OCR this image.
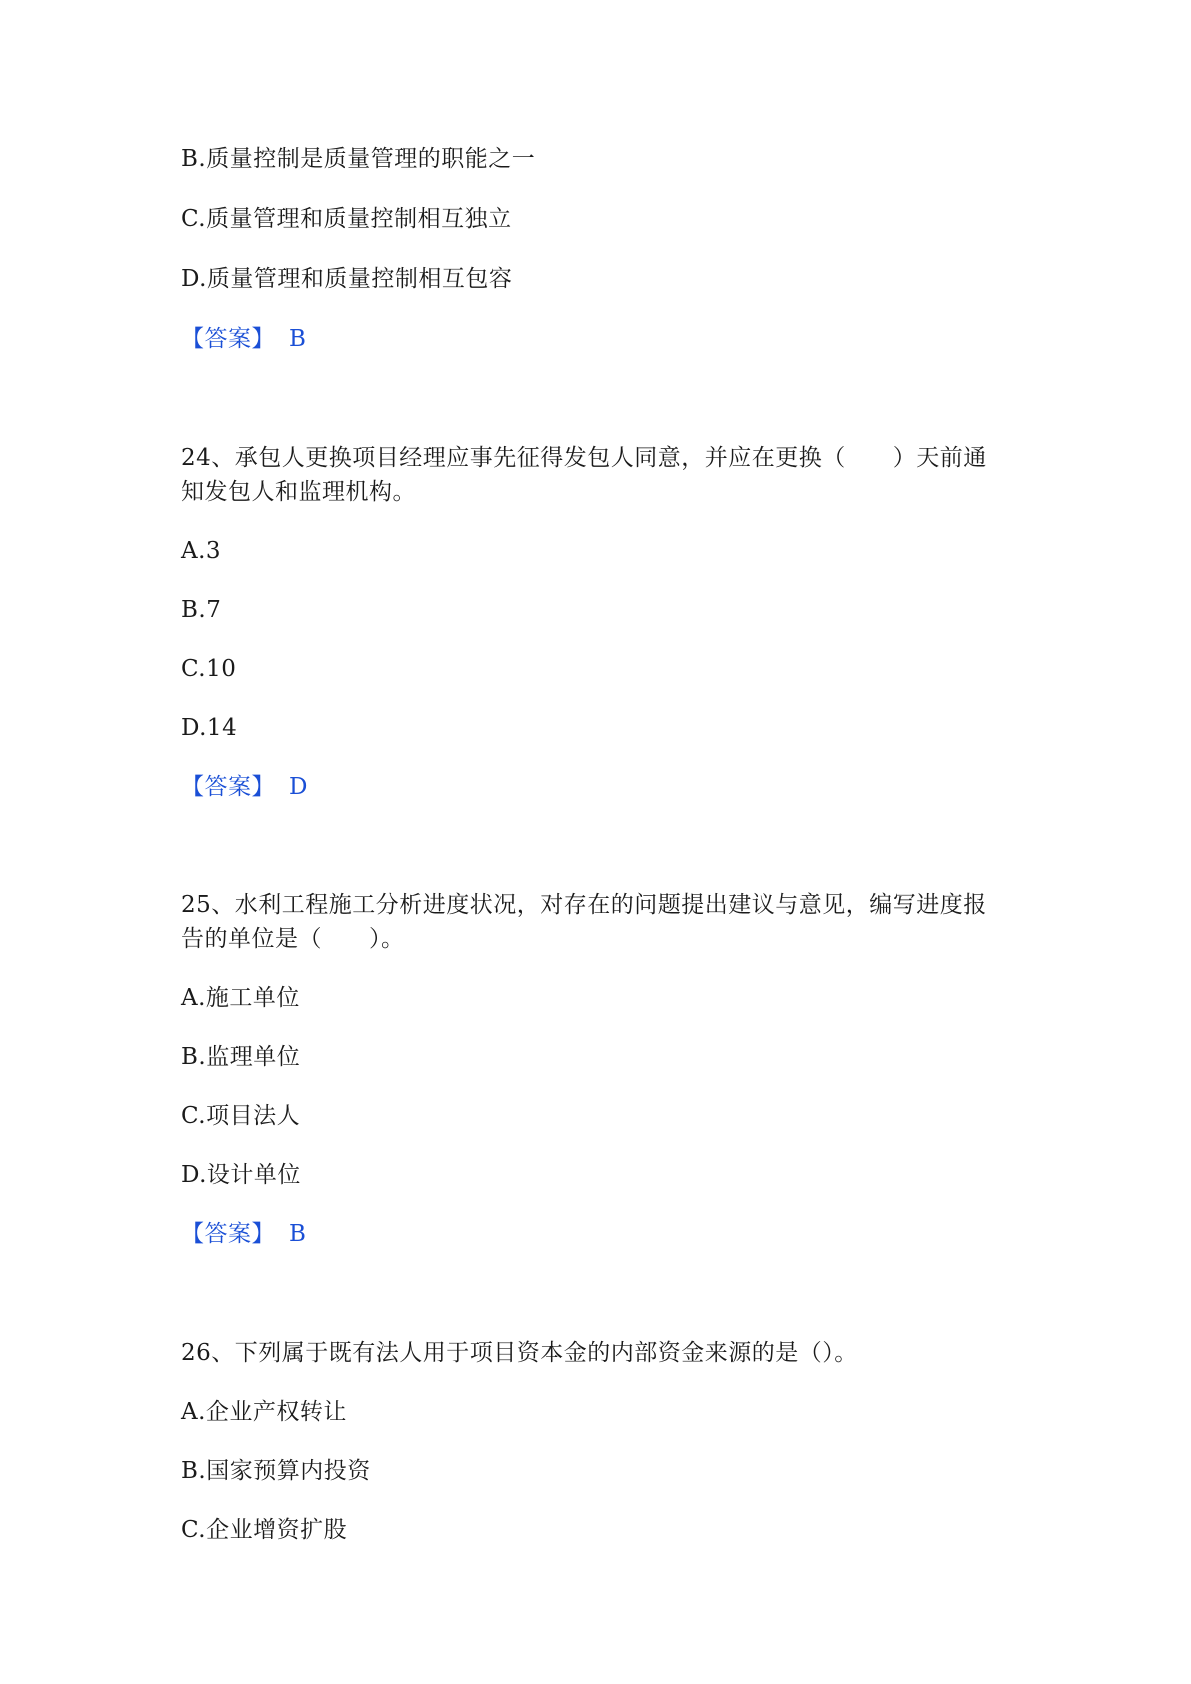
B.质量控制是质量管理的职能之一
C.质量管理和质量控制相互独立
D.质量管理和质量控制相互包容
【答案】 B
24、承包人更换项目经理应事先征得发包人同意，并应在更换（　　）天前通
知发包人和监理机构。
A.3
B.7
C.10
D.14
【答案】 D
25、水利工程施工分析进度状况，对存在的问题提出建议与意见，编写进度报
告的单位是（　　）。
A.施工单位
B.监理单位
C.项目法人
D.设计单位
【答案】 B
26、下列属于既有法人用于项目资本金的内部资金来源的是（）。
A.企业产权转让
B.国家预算内投资
C.企业增资扩股
